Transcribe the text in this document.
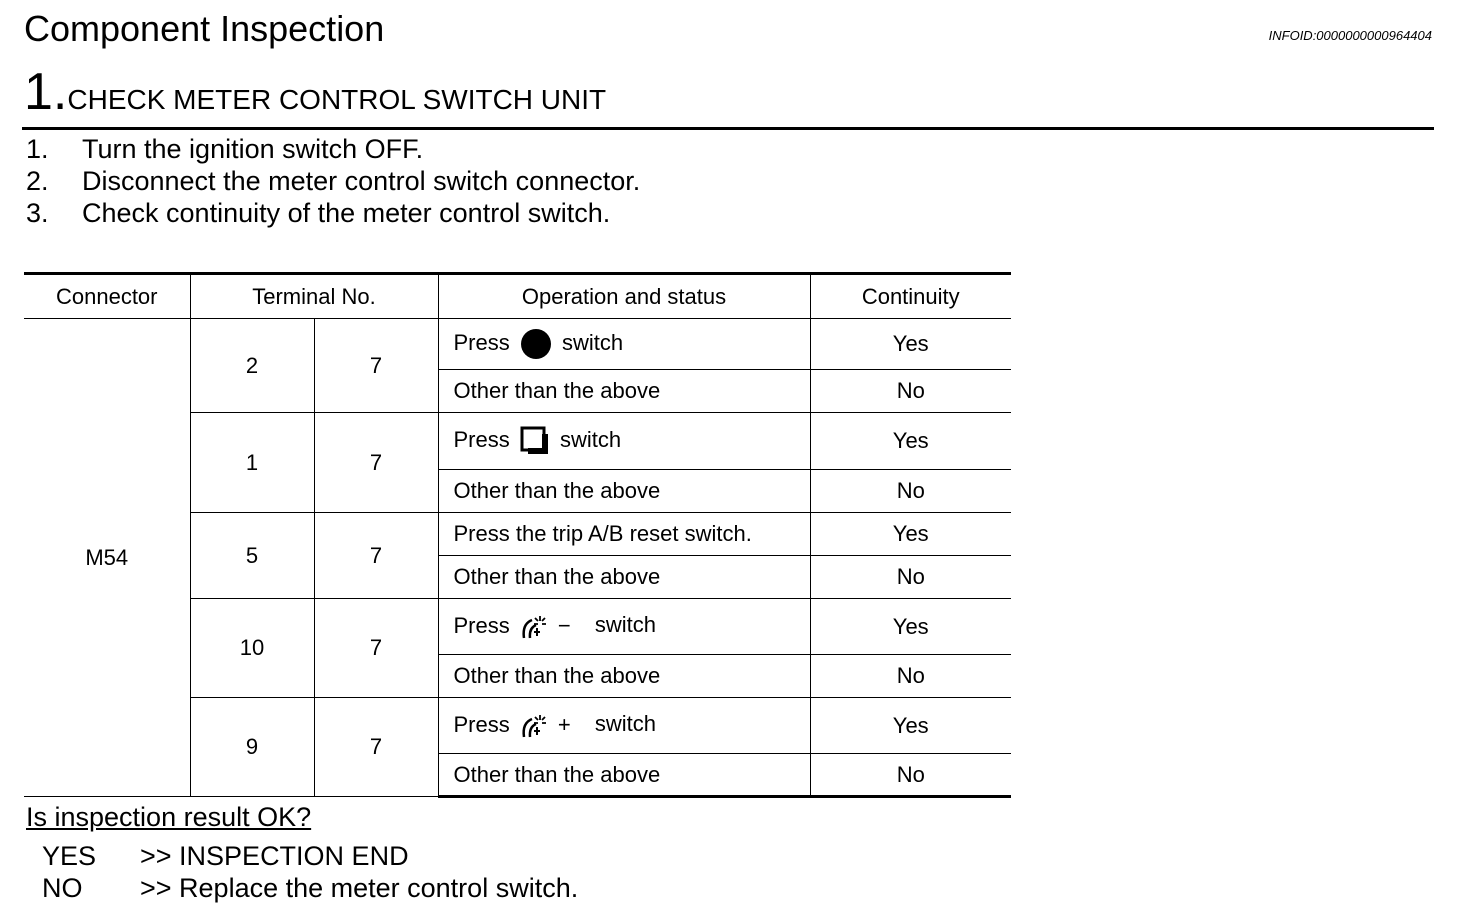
Component Inspection	INFOID:0000000000964404
1.CHECK METER CONTROL SWITCH UNIT
1. Turn the ignition switch OFF.
2. Disconnect the meter control switch connector.
3. Check continuity of the meter control switch.
Connector	Terminal No.		Operation and status	Continuity
M54	2	7	Press switch	Yes
			Other than the above	No
	1	7	Press switch	Yes
			Other than the above	No
	5	7	Press the trip A/B reset switch.	Yes
			Other than the above	No
	10	7	Press − switch	Yes
			Other than the above	No
	9	7	Press + switch	Yes
			Other than the above	No
Is inspection result OK?
YES >> INSPECTION END
NO >> Replace the meter control switch.
